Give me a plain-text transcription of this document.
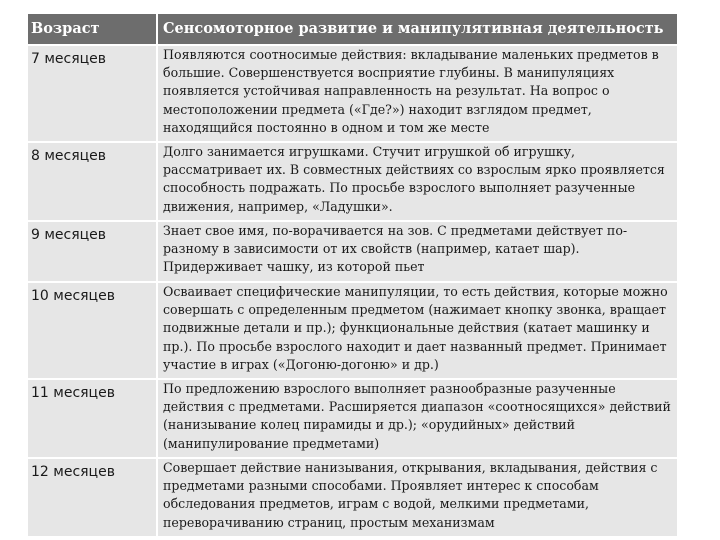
Возраст	Сенсомоторное развитие и манипулятивная деятельность
7 месяцев	Появляются соотносимые действия: вкладывание маленьких предметов в
большие. Совершенствуется восприятие глубины. В манипуляциях
появляется устойчивая направленность на результат. На вопрос о
местоположении предмета («Где?») находит взглядом предмет,
находящийся постоянно в одном и том же месте
8 месяцев	Долго занимается игрушками. Стучит игрушкой об игрушку,
рассматривает их. В совместных действиях со взрослым ярко проявляется
способность подражать. По просьбе взрослого выполняет разученные
движения, например, «Ладушки».
9 месяцев	Знает свое имя, по-ворачивается на зов. С предметами действует по-
разному в зависимости от их свойств (например, катает шар).
Придерживает чашку, из которой пьет
10 месяцев	Осваивает специфические манипуляции, то есть действия, которые можно
совершать с определенным предметом (нажимает кнопку звонка, вращает
подвижные детали и пр.); функциональные действия (катает машинку и
пр.). По просьбе взрослого находит и дает названный предмет. Принимает
участие в играх («Догоню-догоню» и др.)
11 месяцев	По предложению взрослого выполняет разнообразные разученные
действия с предметами. Расширяется диапазон «соотносящихся» действий
(нанизывание колец пирамиды и др.); «орудийных» действий
(манипулирование предметами)
12 месяцев	Совершает действие нанизывания, открывания, вкладывания, действия с
предметами разными способами. Проявляет интерес к способам
обследования предметов, играм с водой, мелкими предметами,
переворачиванию страниц, простым механизмам
